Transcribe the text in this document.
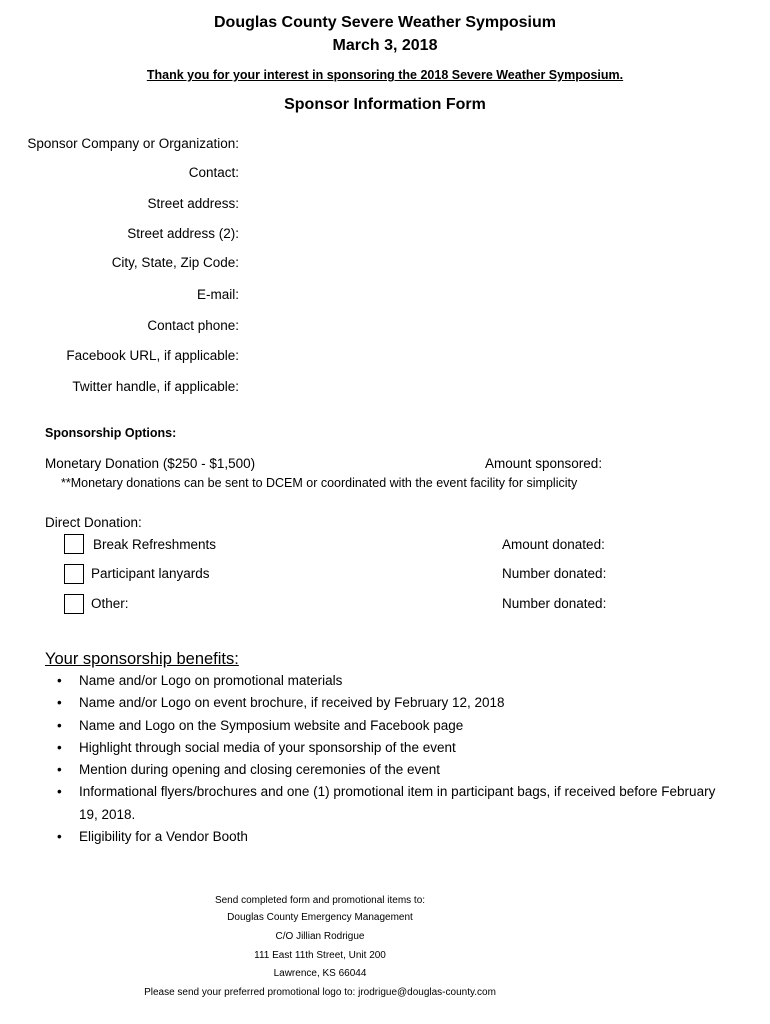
Douglas County Severe Weather Symposium
March 3, 2018
Thank you for your interest in sponsoring the 2018 Severe Weather Symposium.
Sponsor Information Form
Sponsor Company or Organization:
Contact:
Street address:
Street address (2):
City, State, Zip Code:
E-mail:
Contact phone:
Facebook URL, if applicable:
Twitter handle, if applicable:
Sponsorship Options:
Monetary Donation ($250 - $1,500)	Amount sponsored:
**Monetary donations can be sent to DCEM or coordinated with the event facility for simplicity
Direct Donation:
Break Refreshments	Amount donated:
Participant lanyards	Number donated:
Other:	Number donated:
Your sponsorship benefits:
• Name and/or Logo on promotional materials
• Name and/or Logo on event brochure, if received by February 12, 2018
• Name and Logo on the Symposium website and Facebook page
• Highlight through social media of your sponsorship of the event
• Mention during opening and closing ceremonies of the event
• Informational flyers/brochures and one (1) promotional item in participant bags, if received before February 19, 2018.
• Eligibility for a Vendor Booth
Send completed form and promotional items to:
Douglas County Emergency Management
C/O Jillian Rodrigue
111 East 11th Street, Unit 200
Lawrence, KS 66044
Please send your preferred promotional logo to: jrodrigue@douglas-county.com
